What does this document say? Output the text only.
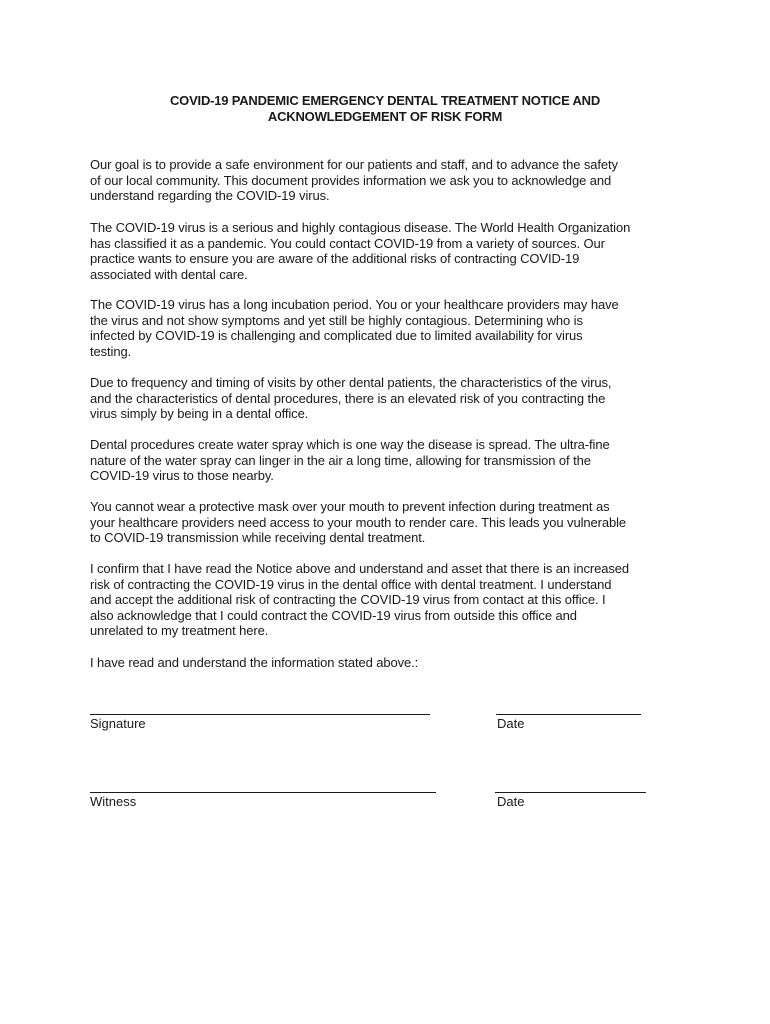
COVID-19 PANDEMIC EMERGENCY DENTAL TREATMENT NOTICE AND
ACKNOWLEDGEMENT OF RISK FORM
Our goal is to provide a safe environment for our patients and staff, and to advance the safety
of our local community. This document provides information we ask you to acknowledge and
understand regarding the COVID-19 virus.
The COVID-19 virus is a serious and highly contagious disease. The World Health Organization
has classified it as a pandemic. You could contact COVID-19 from a variety of sources. Our
practice wants to ensure you are aware of the additional risks of contracting COVID-19
associated with dental care.
The COVID-19 virus has a long incubation period. You or your healthcare providers may have
the virus and not show symptoms and yet still be highly contagious. Determining who is
infected by COVID-19 is challenging and complicated due to limited availability for virus
testing.
Due to frequency and timing of visits by other dental patients, the characteristics of the virus,
and the characteristics of dental procedures, there is an elevated risk of you contracting the
virus simply by being in a dental office.
Dental procedures create water spray which is one way the disease is spread. The ultra-fine
nature of the water spray can linger in the air a long time, allowing for transmission of the
COVID-19 virus to those nearby.
You cannot wear a protective mask over your mouth to prevent infection during treatment as
your healthcare providers need access to your mouth to render care. This leads you vulnerable
to COVID-19 transmission while receiving dental treatment.
I confirm that I have read the Notice above and understand and asset that there is an increased
risk of contracting the COVID-19 virus in the dental office with dental treatment. I understand
and accept the additional risk of contracting the COVID-19 virus from contact at this office. I
also acknowledge that I could contract the COVID-19 virus from outside this office and
unrelated to my treatment here.
I have read and understand the information stated above.:
Signature	Date
Witness	Date
